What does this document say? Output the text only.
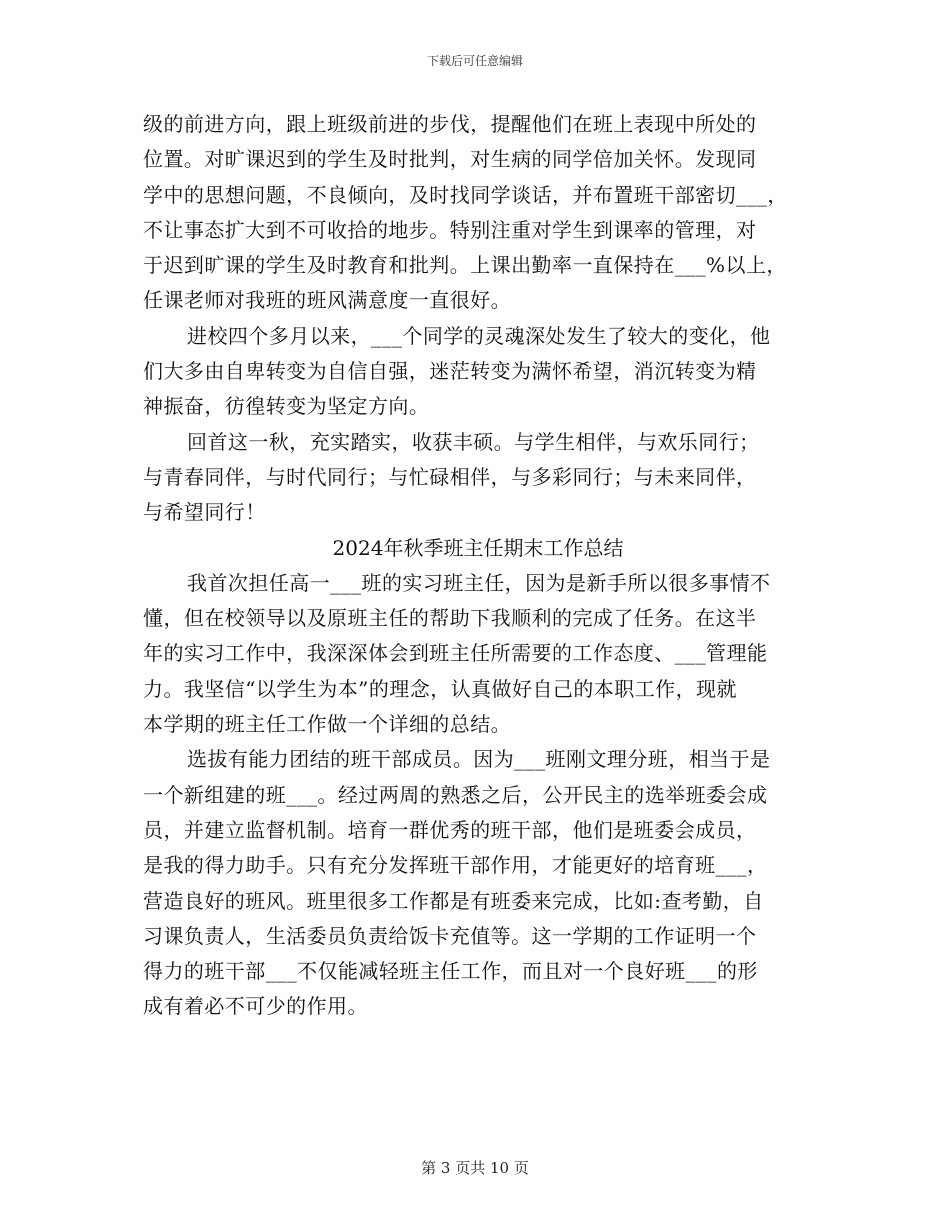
下载后可任意编辑
级的前进方向，跟上班级前进的步伐，提醒他们在班上表现中所处的
位置。对旷课迟到的学生及时批判，对生病的同学倍加关怀。发现同
学中的思想问题，不良倾向，及时找同学谈话，并布置班干部密切___，
不让事态扩大到不可收拾的地步。特别注重对学生到课率的管理，对
于迟到旷课的学生及时教育和批判。上课出勤率一直保持在___%以上，
任课老师对我班的班风满意度一直很好。
进校四个多月以来，___个同学的灵魂深处发生了较大的变化，他
们大多由自卑转变为自信自强，迷茫转变为满怀希望，消沉转变为精
神振奋，彷徨转变为坚定方向。
回首这一秋，充实踏实，收获丰硕。与学生相伴，与欢乐同行；
与青春同伴，与时代同行；与忙碌相伴，与多彩同行；与未来同伴，
与希望同行！
2024年秋季班主任期末工作总结
我首次担任高一___班的实习班主任，因为是新手所以很多事情不
懂，但在校领导以及原班主任的帮助下我顺利的完成了任务。在这半
年的实习工作中，我深深体会到班主任所需要的工作态度、___管理能
力。我坚信“以学生为本”的理念，认真做好自己的本职工作，现就
本学期的班主任工作做一个详细的总结。
选拔有能力团结的班干部成员。因为___班刚文理分班，相当于是
一个新组建的班___。经过两周的熟悉之后，公开民主的选举班委会成
员，并建立监督机制。培育一群优秀的班干部，他们是班委会成员，
是我的得力助手。只有充分发挥班干部作用，才能更好的培育班___，
营造良好的班风。班里很多工作都是有班委来完成，比如:查考勤，自
习课负责人，生活委员负责给饭卡充值等。这一学期的工作证明一个
得力的班干部___不仅能减轻班主任工作，而且对一个良好班___的形
成有着必不可少的作用。
第 3 页共 10 页
